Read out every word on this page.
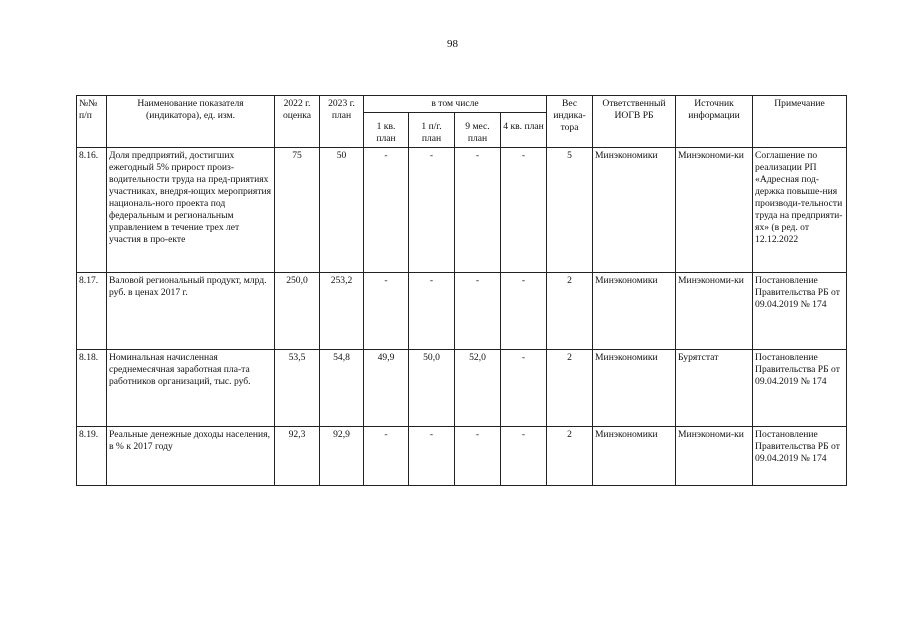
98
№№ п/п	Наименование показателя (индикатора), ед. изм.	2022 г. оценка	2023 г. план	в том числе				Вес индика-тора	Ответственный ИОГВ РБ	Источник информации	Примечание
				1 кв. план	1 п/г. план	9 мес. план	4 кв. план				
8.16.	Доля предприятий, достигших ежегодный 5% прирост произ-водительности труда на пред-приятиях участниках, внедря-ющих мероприятия националь-ного проекта под федеральным и региональным управлением в течение трех лет участия в про-екте	75	50	-	-	-	-	5	Минэкономики	Минэкономи-ки	Соглашение по реализации РП «Адресная под-держка повыше-ния производи-тельности труда на предприяти-ях» (в ред. от 12.12.2022
8.17.	Валовой региональный продукт, млрд. руб. в ценах 2017 г.	250,0	253,2	-	-	-	-	2	Минэкономики	Минэкономи-ки	Постановление Правительства РБ от 09.04.2019 № 174
8.18.	Номинальная начисленная среднемесячная заработная пла-та работников организаций, тыс. руб.	53,5	54,8	49,9	50,0	52,0	-	2	Минэкономики	Бурятстат	Постановление Правительства РБ от 09.04.2019 № 174
8.19.	Реальные денежные доходы населения, в % к 2017 году	92,3	92,9	-	-	-	-	2	Минэкономики	Минэкономи-ки	Постановление Правительства РБ от 09.04.2019 № 174
